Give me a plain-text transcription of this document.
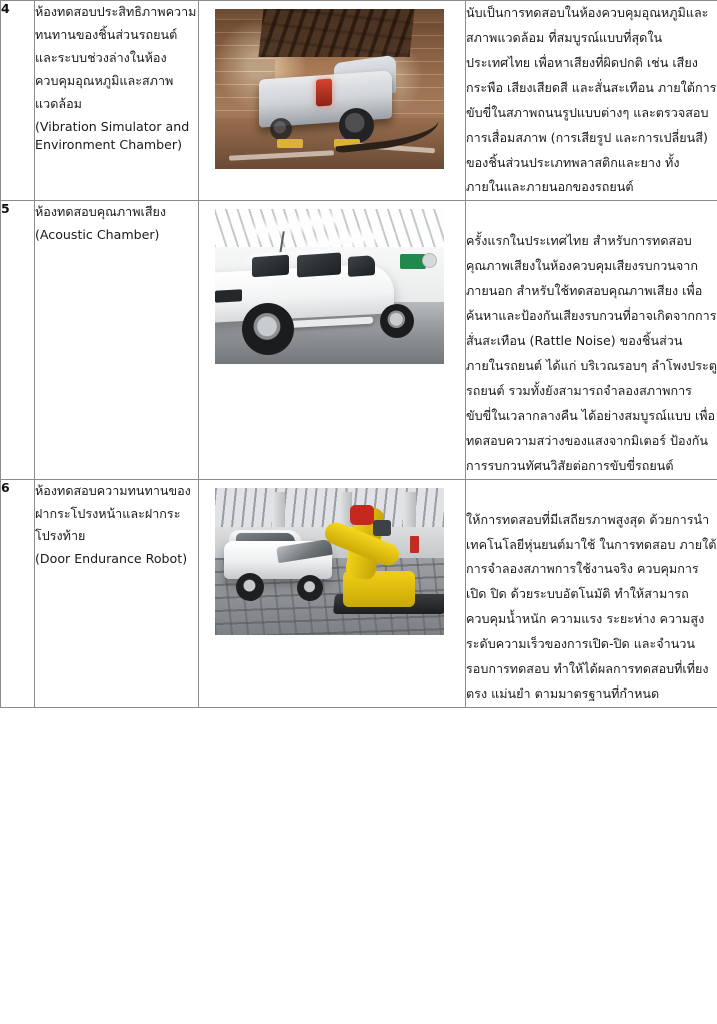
4	ห้องทดสอบประสิทธิภาพความทนทานของชิ้นส่วนรถยนต์และระบบช่วงล่างในห้องควบคุมอุณหภูมิและสภาพแวดล้อม
(Vibration Simulator and Environment Chamber)		นับเป็นการทดสอบในห้องควบคุมอุณหภูมิและสภาพแวดล้อม ที่สมบูรณ์แบบที่สุดในประเทศไทย เพื่อหาเสียงที่ผิดปกติ เช่น เสียงกระพือ เสียงเสียดสี และสั่นสะเทือน ภายใต้การขับขี่ในสภาพถนนรูปแบบต่างๆ และตรวจสอบการเสื่อมสภาพ (การเสียรูป และการเปลี่ยนสี) ของชิ้นส่วนประเภทพลาสติกและยาง ทั้งภายในและภายนอกของรถยนต์

5	ห้องทดสอบคุณภาพเสียง
(Acoustic Chamber)		ครั้งแรกในประเทศไทย สำหรับการทดสอบคุณภาพเสียงในห้องควบคุมเสียงรบกวนจากภายนอก สำหรับใช้ทดสอบคุณภาพเสียง เพื่อค้นหาและป้องกันเสียงรบกวนที่อาจเกิดจากการสั่นสะเทือน (Rattle Noise) ของชิ้นส่วนภายในรถยนต์ ได้แก่ บริเวณรอบๆ ลำโพงประตูรถยนต์ รวมทั้งยังสามารถจำลองสภาพการขับขี่ในเวลากลางคืน ได้อย่างสมบูรณ์แบบ เพื่อทดสอบความสว่างของแสงจากมิเตอร์ ป้องกันการรบกวนทัศนวิสัยต่อการขับขี่รถยนต์

6	ห้องทดสอบความทนทานของฝากระโปรงหน้าและฝากระโปรงท้าย
(Door Endurance Robot)		ให้การทดสอบที่มีเสถียรภาพสูงสุด ด้วยการนำเทคโนโลยีหุ่นยนต์มาใช้ ในการทดสอบ ภายใต้การจำลองสภาพการใช้งานจริง ควบคุมการเปิด ปิด ด้วยระบบอัตโนมัติ ทำให้สามารถควบคุมน้ำหนัก ความแรง ระยะห่าง ความสูง ระดับความเร็วของการเปิด-ปิด และจำนวนรอบการทดสอบ ทำให้ได้ผลการทดสอบที่เที่ยงตรง แม่นยำ ตามมาตรฐานที่กำหนด
